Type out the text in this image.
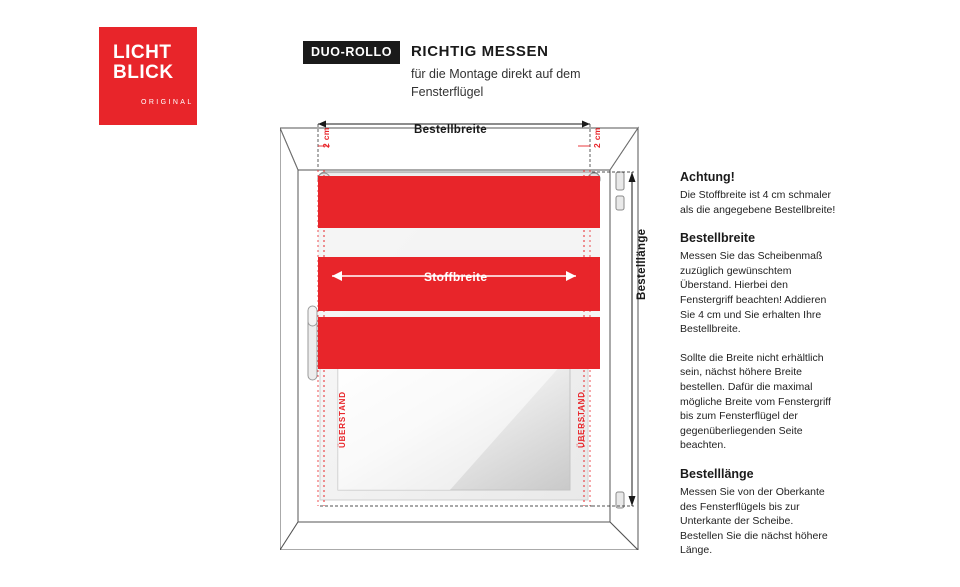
LICHT
BLICK
ORIGINAL
DUO-ROLLO	RICHTIG MESSEN
für die Montage direkt auf dem Fensterflügel
Bestellbreite
Bestelllänge
2 cm	2 cm
Stoffbreite
ÜBERSTAND	ÜBERSTAND
Achtung!

Die Stoffbreite ist 4 cm schmaler als die angegebene Bestellbreite!

Bestellbreite

Messen Sie das Scheibenmaß zuzüglich gewünschtem Überstand. Hierbei den Fenstergriff beachten! Addieren Sie 4 cm und Sie erhalten Ihre Bestellbreite.

Sollte die Breite nicht erhältlich sein, nächst höhere Breite bestellen. Dafür die maximal mögliche Breite vom Fenstergriff bis zum Fensterflügel der gegenüberliegenden Seite beachten.

Bestelllänge

Messen Sie von der Oberkante des Fensterflügels bis zur Unterkante der Scheibe. Bestellen Sie die nächst höhere Länge.
